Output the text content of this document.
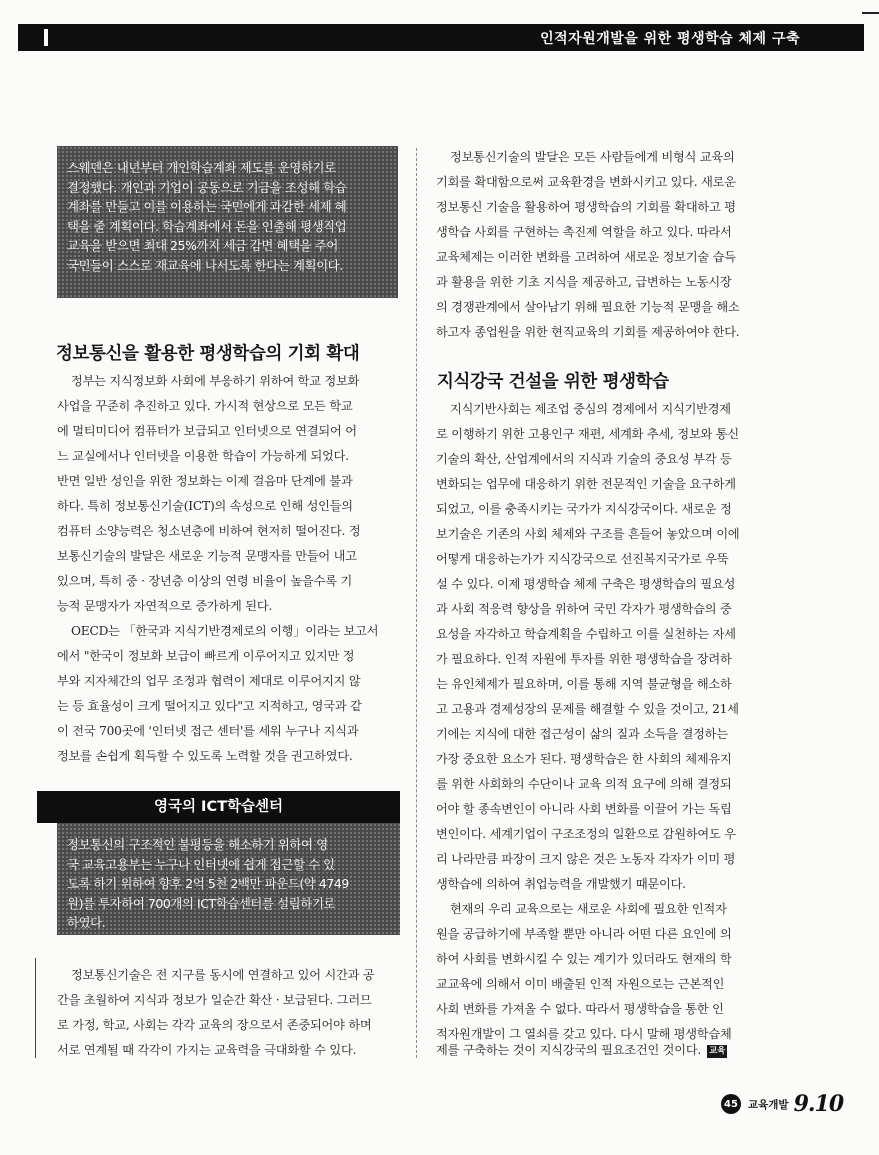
인적자원개발을 위한 평생학습 체제 구축

스웨덴은 내년부터 개인학습계좌 제도를 운영하기로

결정했다. 개인과 기업이 공동으로 기금을 조성해 학습

계좌를 만들고 이를 이용하는 국민에게 과감한 세제 혜

택을 줄 계획이다. 학습계좌에서 돈을 인출해 평생직업

교육을 받으면 최대 25%까지 세금 감면 혜택을 주어

국민들이 스스로 재교육에 나서도록 한다는 계획이다.

정보통신을 활용한 평생학습의 기회 확대

정부는 지식정보화 사회에 부응하기 위하여 학교 정보화

사업을 꾸준히 추진하고 있다. 가시적 현상으로 모든 학교

에 멀티미디어 컴퓨터가 보급되고 인터넷으로 연결되어 어

느 교실에서나 인터넷을 이용한 학습이 가능하게 되었다.

반면 일반 성인을 위한 정보화는 이제 걸음마 단계에 불과

하다. 특히 정보통신기술(ICT)의 속성으로 인해 성인들의

컴퓨터 소양능력은 청소년층에 비하여 현저히 떨어진다. 정

보통신기술의 발달은 새로운 기능적 문맹자를 만들어 내고

있으며, 특히 중 · 장년층 이상의 연령 비율이 높을수록 기

능적 문맹자가 자연적으로 증가하게 된다.

OECD는 「한국과 지식기반경제로의 이행」이라는 보고서

에서 "한국이 정보화 보급이 빠르게 이루어지고 있지만 정

부와 지자체간의 업무 조정과 협력이 제대로 이루어지지 않

는 등 효율성이 크게 떨어지고 있다"고 지적하고, 영국과 같

이 전국 700곳에 '인터넷 접근 센터'를 세워 누구나 지식과

정보를 손쉽게 획득할 수 있도록 노력할 것을 권고하였다.

영국의 ICT학습센터

정보통신의 구조적인 불평등을 해소하기 위하여 영

국 교육고용부는 누구나 인터넷에 쉽게 접근할 수 있

도록 하기 위하여 향후 2억 5천 2백만 파운드(약 4749

원)를 투자하여 700개의 ICT학습센터를 설립하기로

하였다.

정보통신기술은 전 지구를 동시에 연결하고 있어 시간과 공

간을 초월하여 지식과 정보가 일순간 확산 · 보급된다. 그러므

로 가정, 학교, 사회는 각각 교육의 장으로서 존중되어야 하며

서로 연계될 때 각각이 가지는 교육력을 극대화할 수 있다.

정보통신기술의 발달은 모든 사람들에게 비형식 교육의

기회를 확대함으로써 교육환경을 변화시키고 있다. 새로운

정보통신 기술을 활용하여 평생학습의 기회를 확대하고 평

생학습 사회를 구현하는 촉진제 역할을 하고 있다. 따라서

교육체제는 이러한 변화를 고려하여 새로운 정보기술 습득

과 활용을 위한 기초 지식을 제공하고, 급변하는 노동시장

의 경쟁관계에서 살아남기 위해 필요한 기능적 문맹을 해소

하고자 종업원을 위한 현직교육의 기회를 제공하여야 한다.

지식강국 건설을 위한 평생학습

지식기반사회는 제조업 중심의 경제에서 지식기반경제

로 이행하기 위한 고용인구 재편, 세계화 추세, 정보와 통신

기술의 확산, 산업계에서의 지식과 기술의 중요성 부각 등

변화되는 업무에 대응하기 위한 전문적인 기술을 요구하게

되었고, 이를 충족시키는 국가가 지식강국이다. 새로운 정

보기술은 기존의 사회 체제와 구조를 흔들어 놓았으며 이에

어떻게 대응하는가가 지식강국으로 선진복지국가로 우뚝

설 수 있다. 이제 평생학습 체제 구축은 평생학습의 필요성

과 사회 적응력 향상을 위하여 국민 각자가 평생학습의 중

요성을 자각하고 학습계획을 수립하고 이를 실천하는 자세

가 필요하다. 인적 자원에 투자를 위한 평생학습을 장려하

는 유인체제가 필요하며, 이를 통해 지역 불균형을 해소하

고 고용과 경제성장의 문제를 해결할 수 있을 것이고, 21세

기에는 지식에 대한 접근성이 삶의 질과 소득을 결정하는

가장 중요한 요소가 된다. 평생학습은 한 사회의 체제유지

를 위한 사회화의 수단이나 교육 의적 요구에 의해 결정되

어야 할 종속변인이 아니라 사회 변화를 이끌어 가는 독립

변인이다. 세계기업이 구조조정의 일환으로 감원하여도 우

리 나라만큼 파장이 크지 않은 것은 노동자 각자가 이미 평

생학습에 의하여 취업능력을 개발했기 때문이다.

현재의 우리 교육으로는 새로운 사회에 필요한 인적자

원을 공급하기에 부족할 뿐만 아니라 어떤 다른 요인에 의

하여 사회를 변화시킬 수 있는 계기가 있더라도 현재의 학

교교육에 의해서 이미 배출된 인적 자원으로는 근본적인

사회 변화를 가져올 수 없다. 따라서 평생학습을 통한 인

적자원개발이 그 열쇠를 갖고 있다. 다시 말해 평생학습체

제를 구축하는 것이 지식강국의 필요조건인 것이다. 교육

45 교육개발 9.10
